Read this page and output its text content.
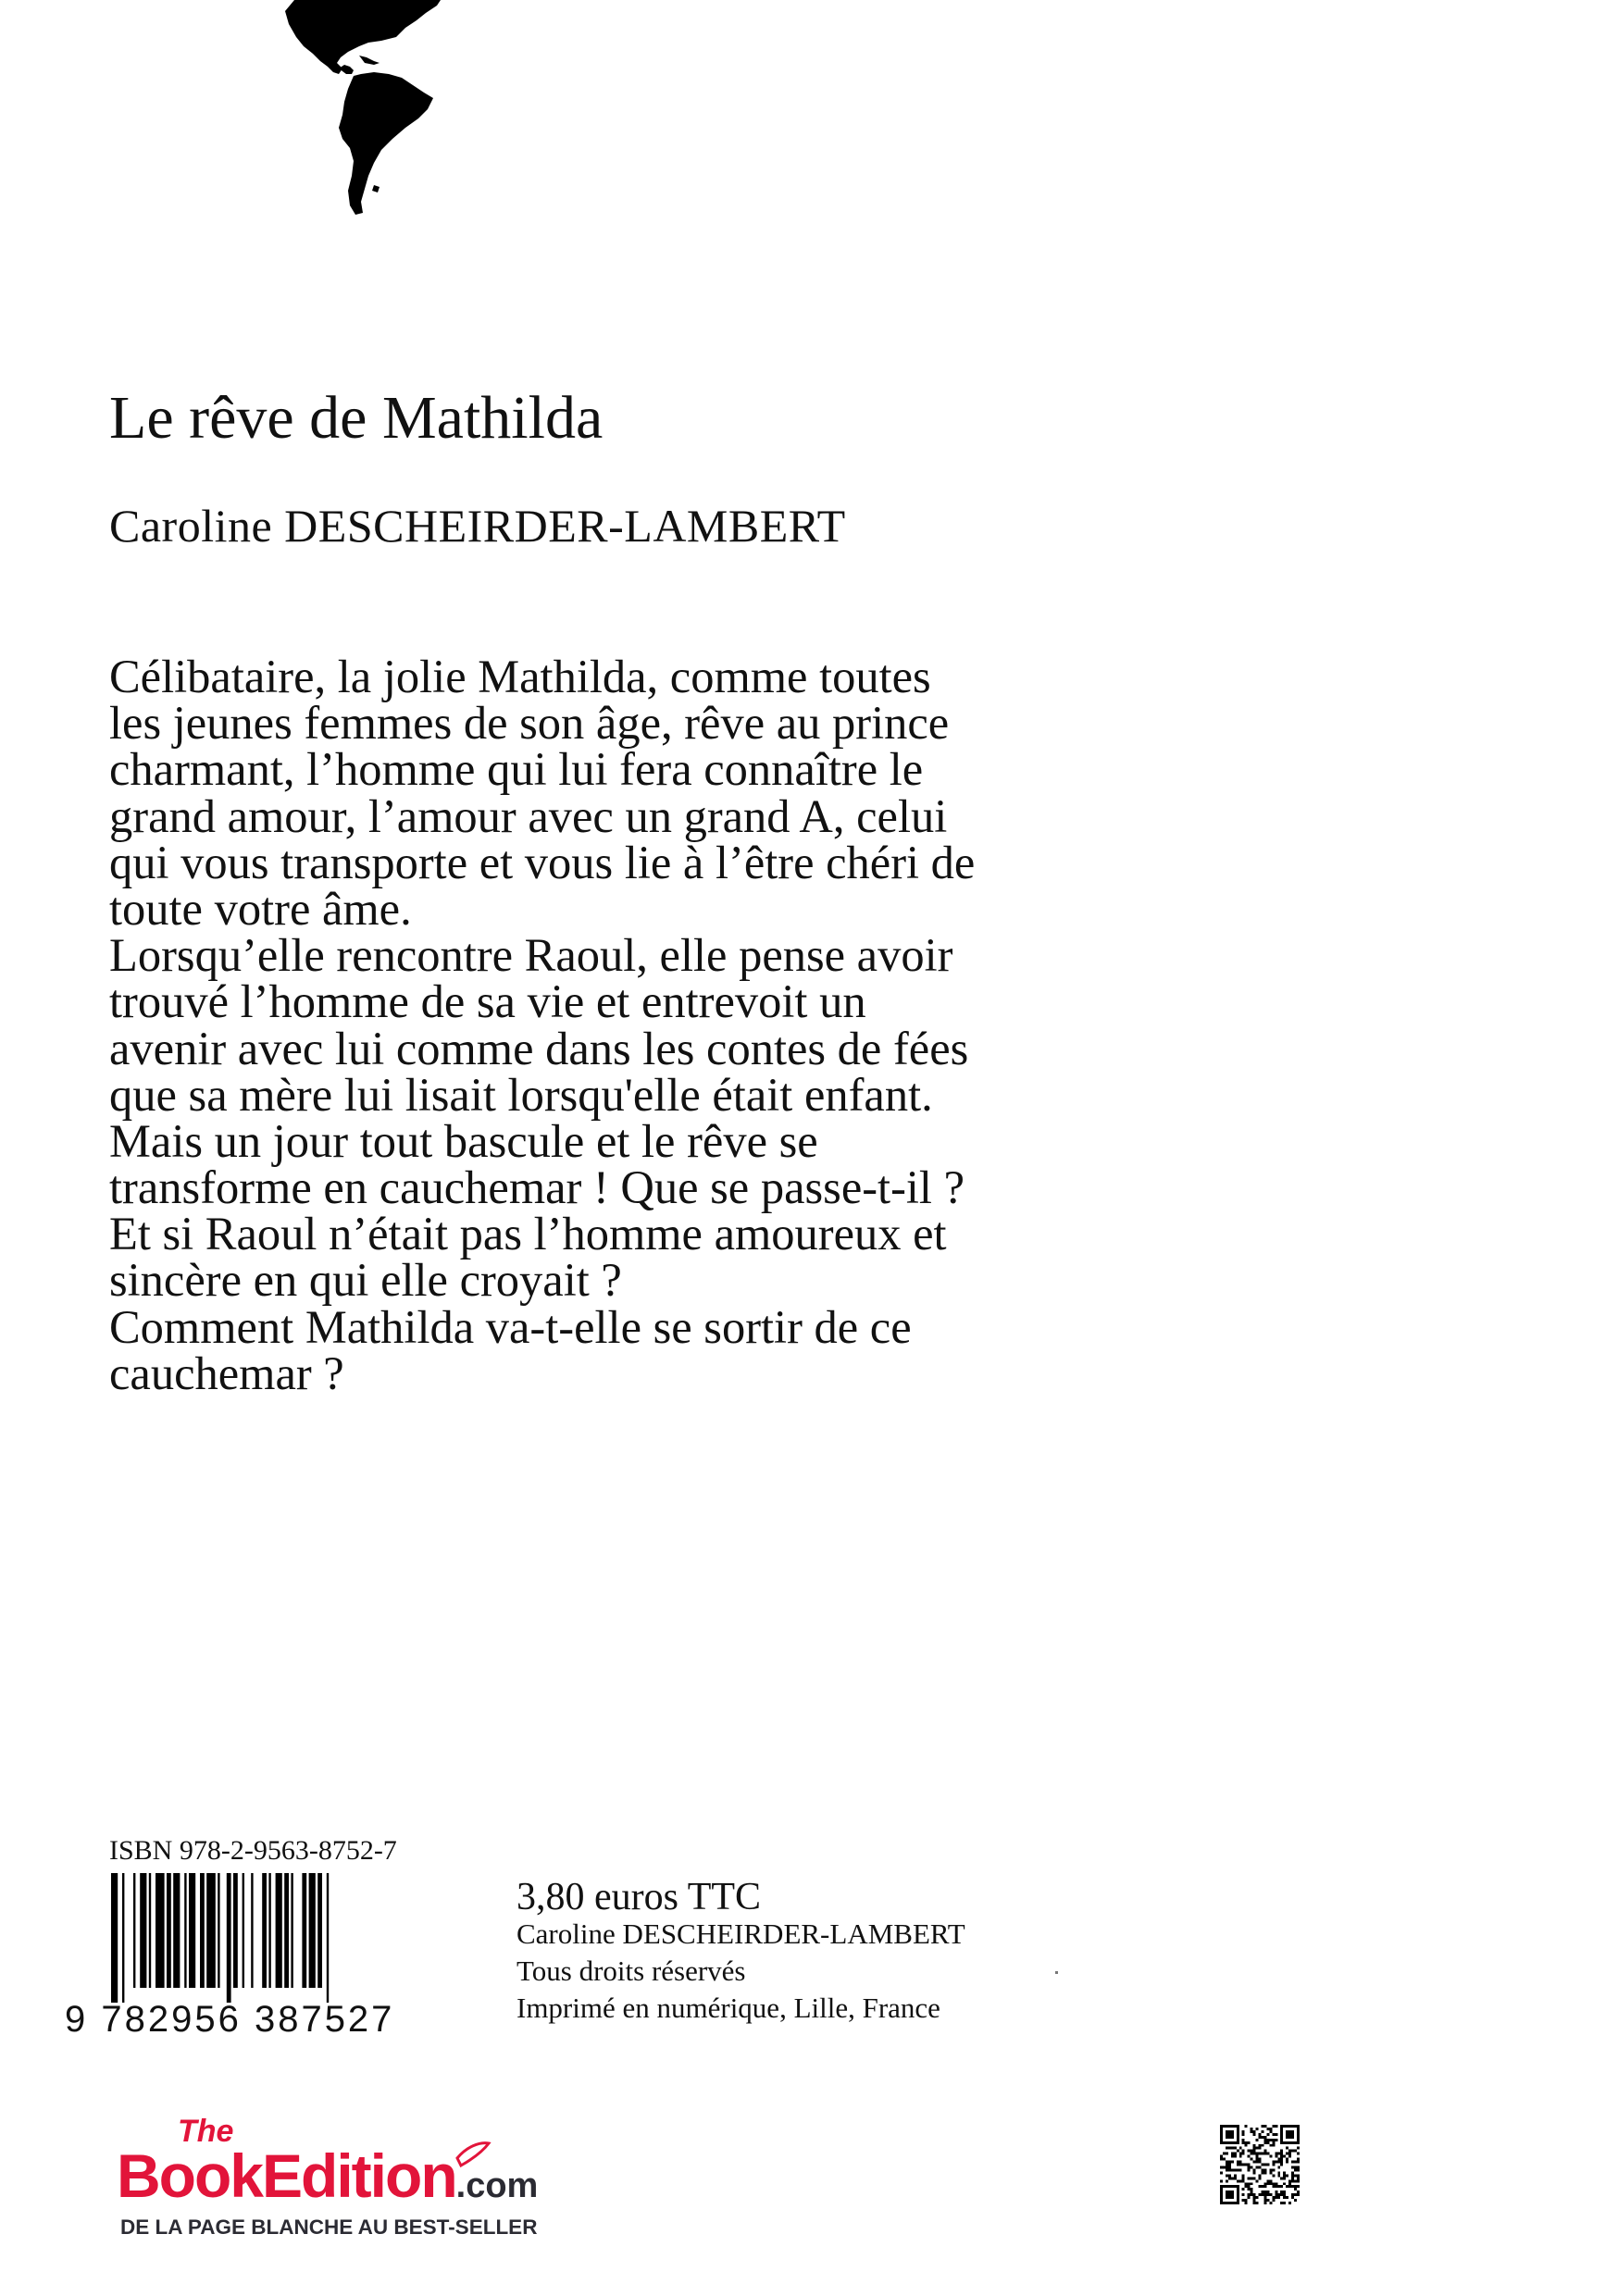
Le rêve de Mathilda
Caroline DESCHEIRDER-LAMBERT
Célibataire, la jolie Mathilda, comme toutes
les jeunes femmes de son âge, rêve au prince
charmant, l’homme qui lui fera connaître le
grand amour, l’amour avec un grand A, celui
qui vous transporte et vous lie à l’être chéri de
toute votre âme.
Lorsqu’elle rencontre Raoul, elle pense avoir
trouvé l’homme de sa vie et entrevoit un
avenir avec lui comme dans les contes de fées
que sa mère lui lisait lorsqu'elle était enfant.
Mais un jour tout bascule et le rêve se
transforme en cauchemar ! Que se passe-t-il ?
Et si Raoul n’était pas l’homme amoureux et
sincère en qui elle croyait ?
Comment Mathilda va-t-elle se sortir de ce
cauchemar ?
ISBN 978-2-9563-8752-7
9 782956 387527
3,80 euros TTC
Caroline DESCHEIRDER-LAMBERT
Tous droits réservés
Imprimé en numérique, Lille, France
The
BookEdition.com
DE LA PAGE BLANCHE AU BEST-SELLER
